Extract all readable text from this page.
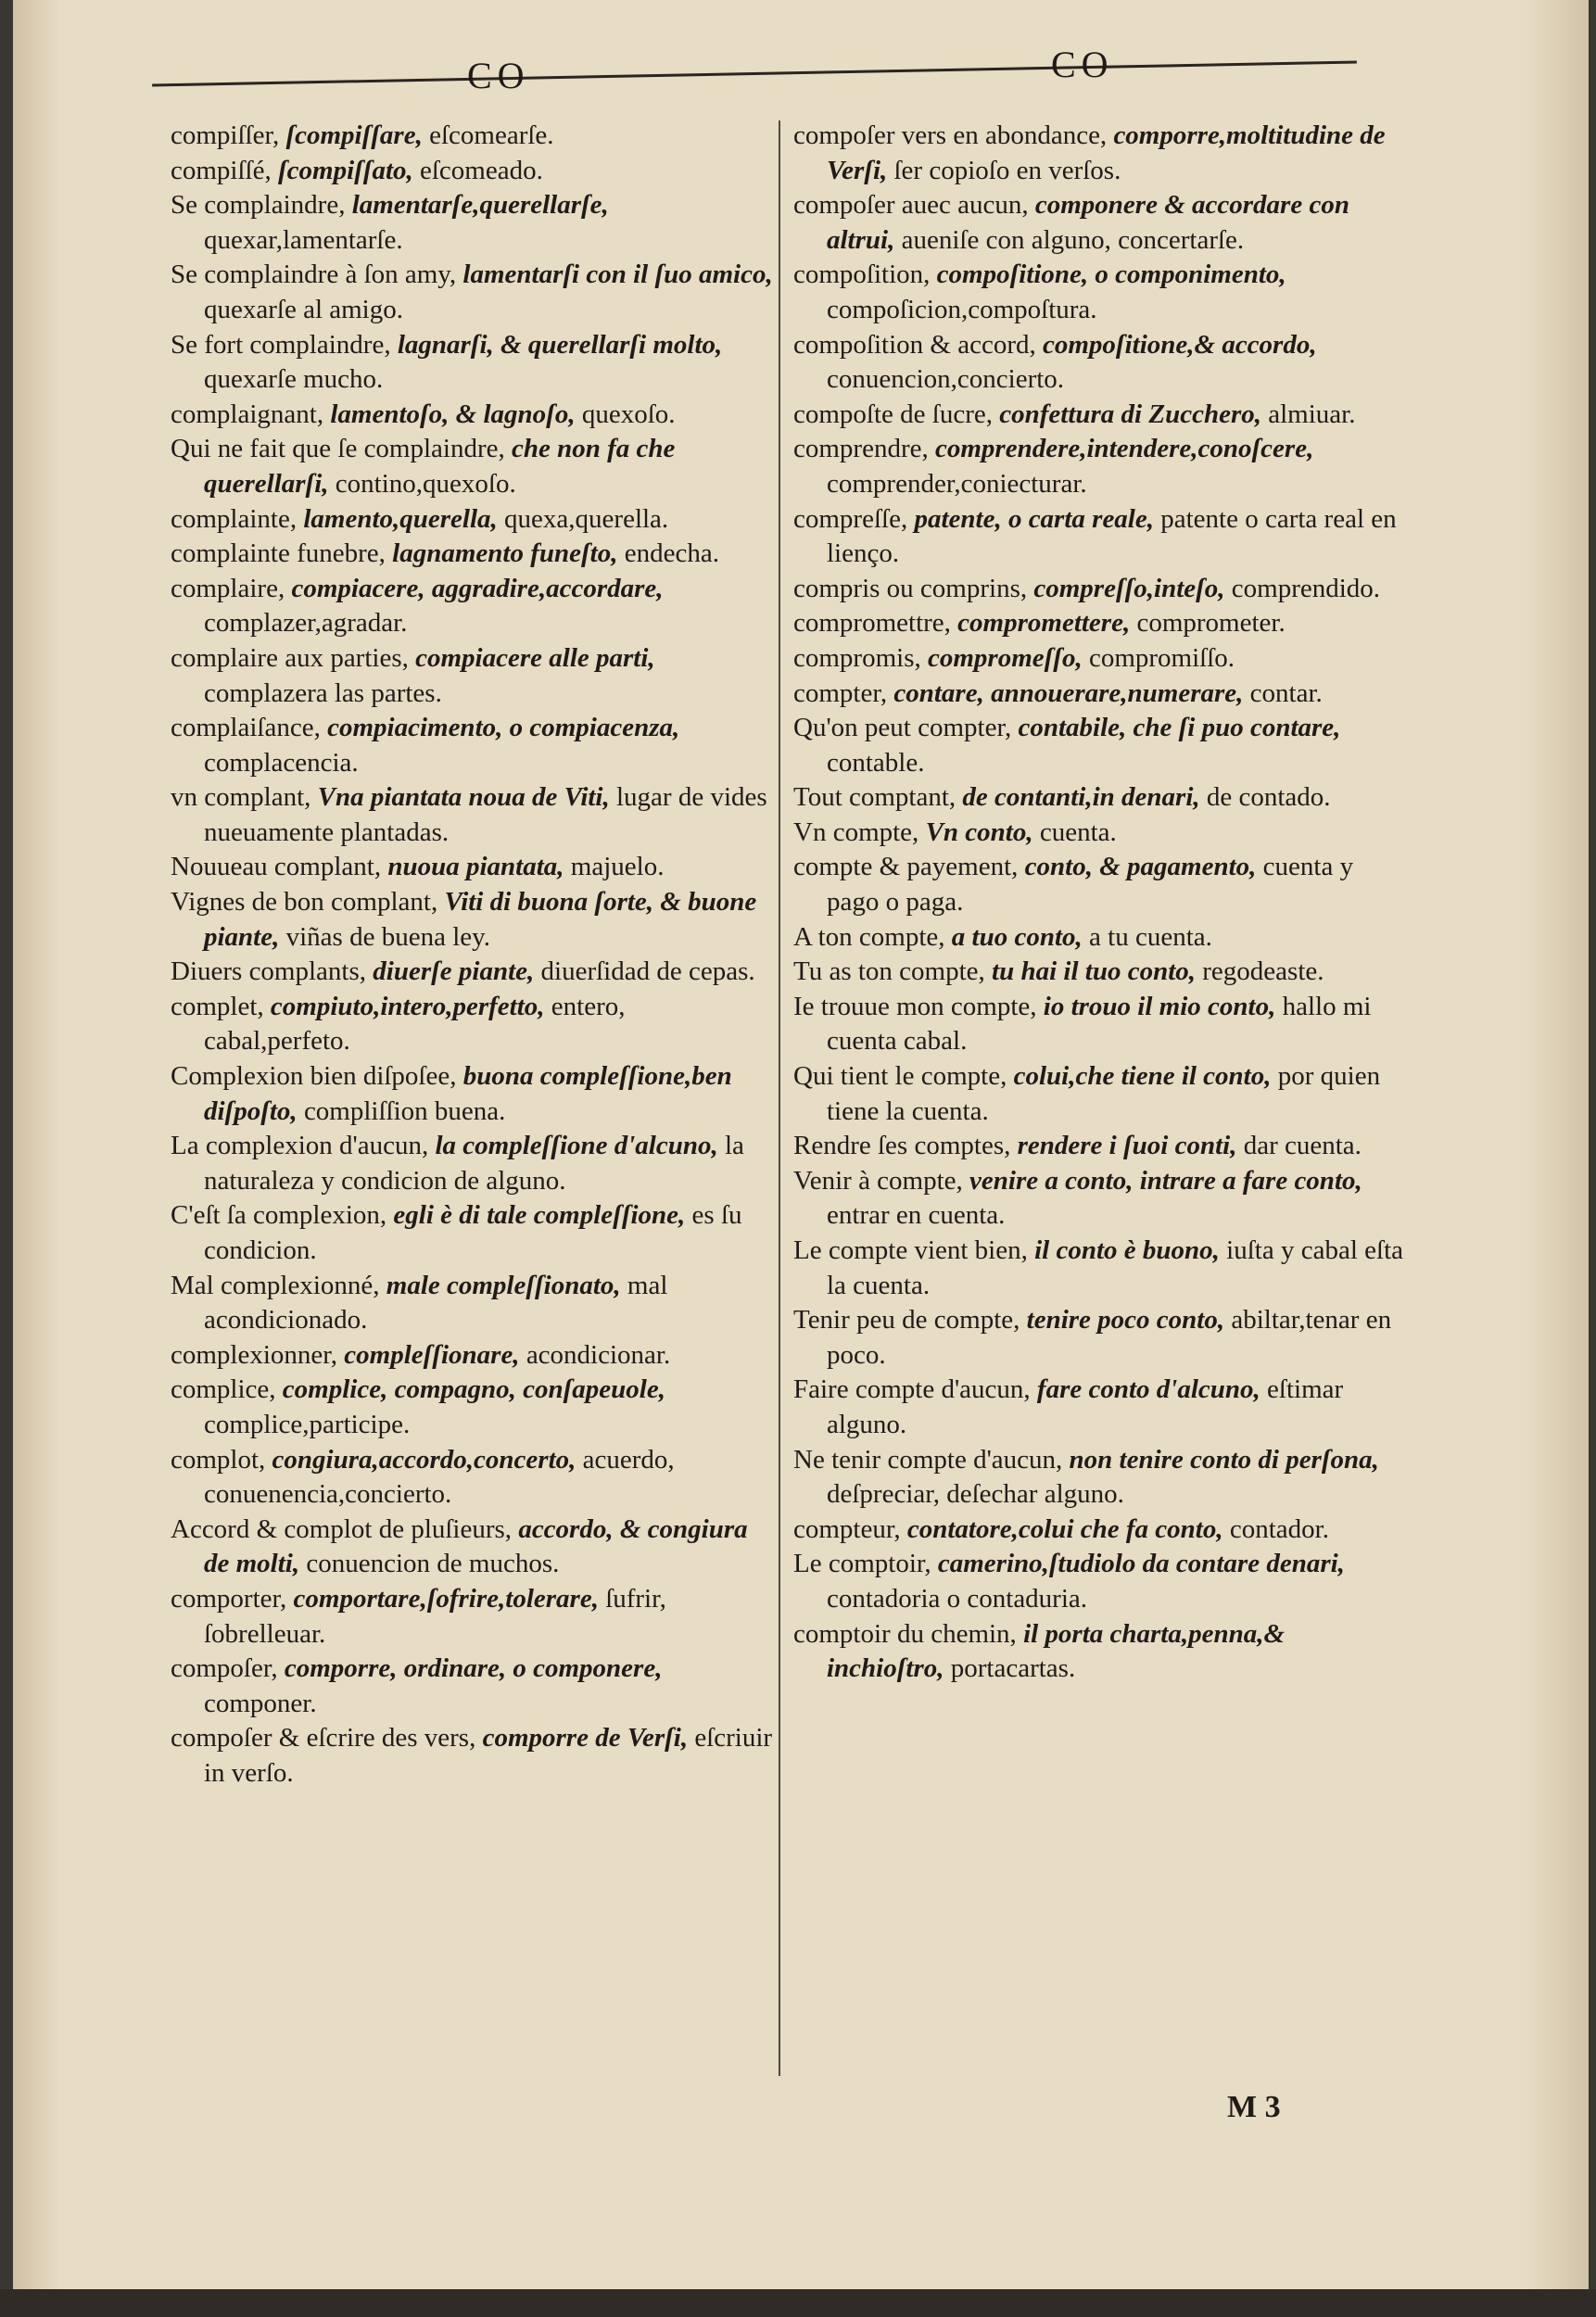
CO	CO
compiſſer, ſcompiſſare, eſcomearſe.
compiſſé, ſcompiſſato, eſcomeado.
Se complaindre, lamentarſe,querellarſe, quexar,lamentarſe.
Se complaindre à ſon amy, lamentarſi con il ſuo amico, quexarſe al amigo.
Se fort complaindre, lagnarſi, & querellarſi molto, quexarſe mucho.
complaignant, lamentoſo, & lagnoſo, quexoſo.
Qui ne fait que ſe complaindre, che non fa che querellarſi, contino,quexoſo.
complainte, lamento,querella, quexa,querella.
complainte funebre, lagnamento funeſto, endecha.
complaire, compiacere, aggradire,accordare, complazer,agradar.
complaire aux parties, compiacere alle parti, complazera las partes.
complaiſance, compiacimento, o compiacenza, complacencia.
vn complant, Vna piantata noua de Viti, lugar de vides nueuamente plantadas.
Nouueau complant, nuoua piantata, majuelo.
Vignes de bon complant, Viti di buona ſorte, & buone piante, viñas de buena ley.
Diuers complants, diuerſe piante, diuerſidad de cepas.
complet, compiuto,intero,perfetto, entero, cabal,perfeto.
Complexion bien diſpoſee, buona compleſſione,ben diſpoſto, compliſſion buena.
La complexion d'aucun, la compleſſione d'alcuno, la naturaleza y condicion de alguno.
C'eſt ſa complexion, egli è di tale compleſſione, es ſu condicion.
Mal complexionné, male compleſſionato, mal acondicionado.
complexionner, compleſſionare, acondicionar.
complice, complice, compagno, conſapeuole, complice,participe.
complot, congiura,accordo,concerto, acuerdo, conuenencia,concierto.
Accord & complot de pluſieurs, accordo, & congiura de molti, conuencion de muchos.
comporter, comportare,ſofrire,tolerare, ſufrir, ſobrelleuar.
compoſer, comporre, ordinare, o componere, componer.
compoſer & eſcrire des vers, comporre de Verſi, eſcriuir in verſo.
compoſer vers en abondance, comporre,moltitudine de Verſi, ſer copioſo en verſos.
compoſer auec aucun, componere & accordare con altrui, aueniſe con alguno, concertarſe.
compoſition, compoſitione, o componimento, compoſicion,compoſtura.
compoſition & accord, compoſitione,& accordo, conuencion,concierto.
compoſte de ſucre, confettura di Zucchero, almiuar.
comprendre, comprendere,intendere,conoſcere, comprender,coniecturar.
compreſſe, patente, o carta reale, patente o carta real en lienço.
compris ou comprins, compreſſo,inteſo, comprendido.
compromettre, compromettere, comprometer.
compromis, compromeſſo, compromiſſo.
compter, contare, annouerare,numerare, contar.
Qu'on peut compter, contabile, che ſi puo contare, contable.
Tout comptant, de contanti,in denari, de contado.
Vn compte, Vn conto, cuenta.
compte & payement, conto, & pagamento, cuenta y pago o paga.
A ton compte, a tuo conto, a tu cuenta.
Tu as ton compte, tu hai il tuo conto, regodeaste.
Ie trouue mon compte, io trouo il mio conto, hallo mi cuenta cabal.
Qui tient le compte, colui,che tiene il conto, por quien tiene la cuenta.
Rendre ſes comptes, rendere i ſuoi conti, dar cuenta.
Venir à compte, venire a conto, intrare a fare conto, entrar en cuenta.
Le compte vient bien, il conto è buono, iuſta y cabal eſta la cuenta.
Tenir peu de compte, tenire poco conto, abiltar,tenar en poco.
Faire compte d'aucun, fare conto d'alcuno, eſtimar alguno.
Ne tenir compte d'aucun, non tenire conto di perſona, deſpreciar, deſechar alguno.
compteur, contatore,colui che fa conto, contador.
Le comptoir, camerino,ſtudiolo da contare denari, contadoria o contaduria.
comptoir du chemin, il porta charta,penna,& inchioſtro, portacartas.
M 3
